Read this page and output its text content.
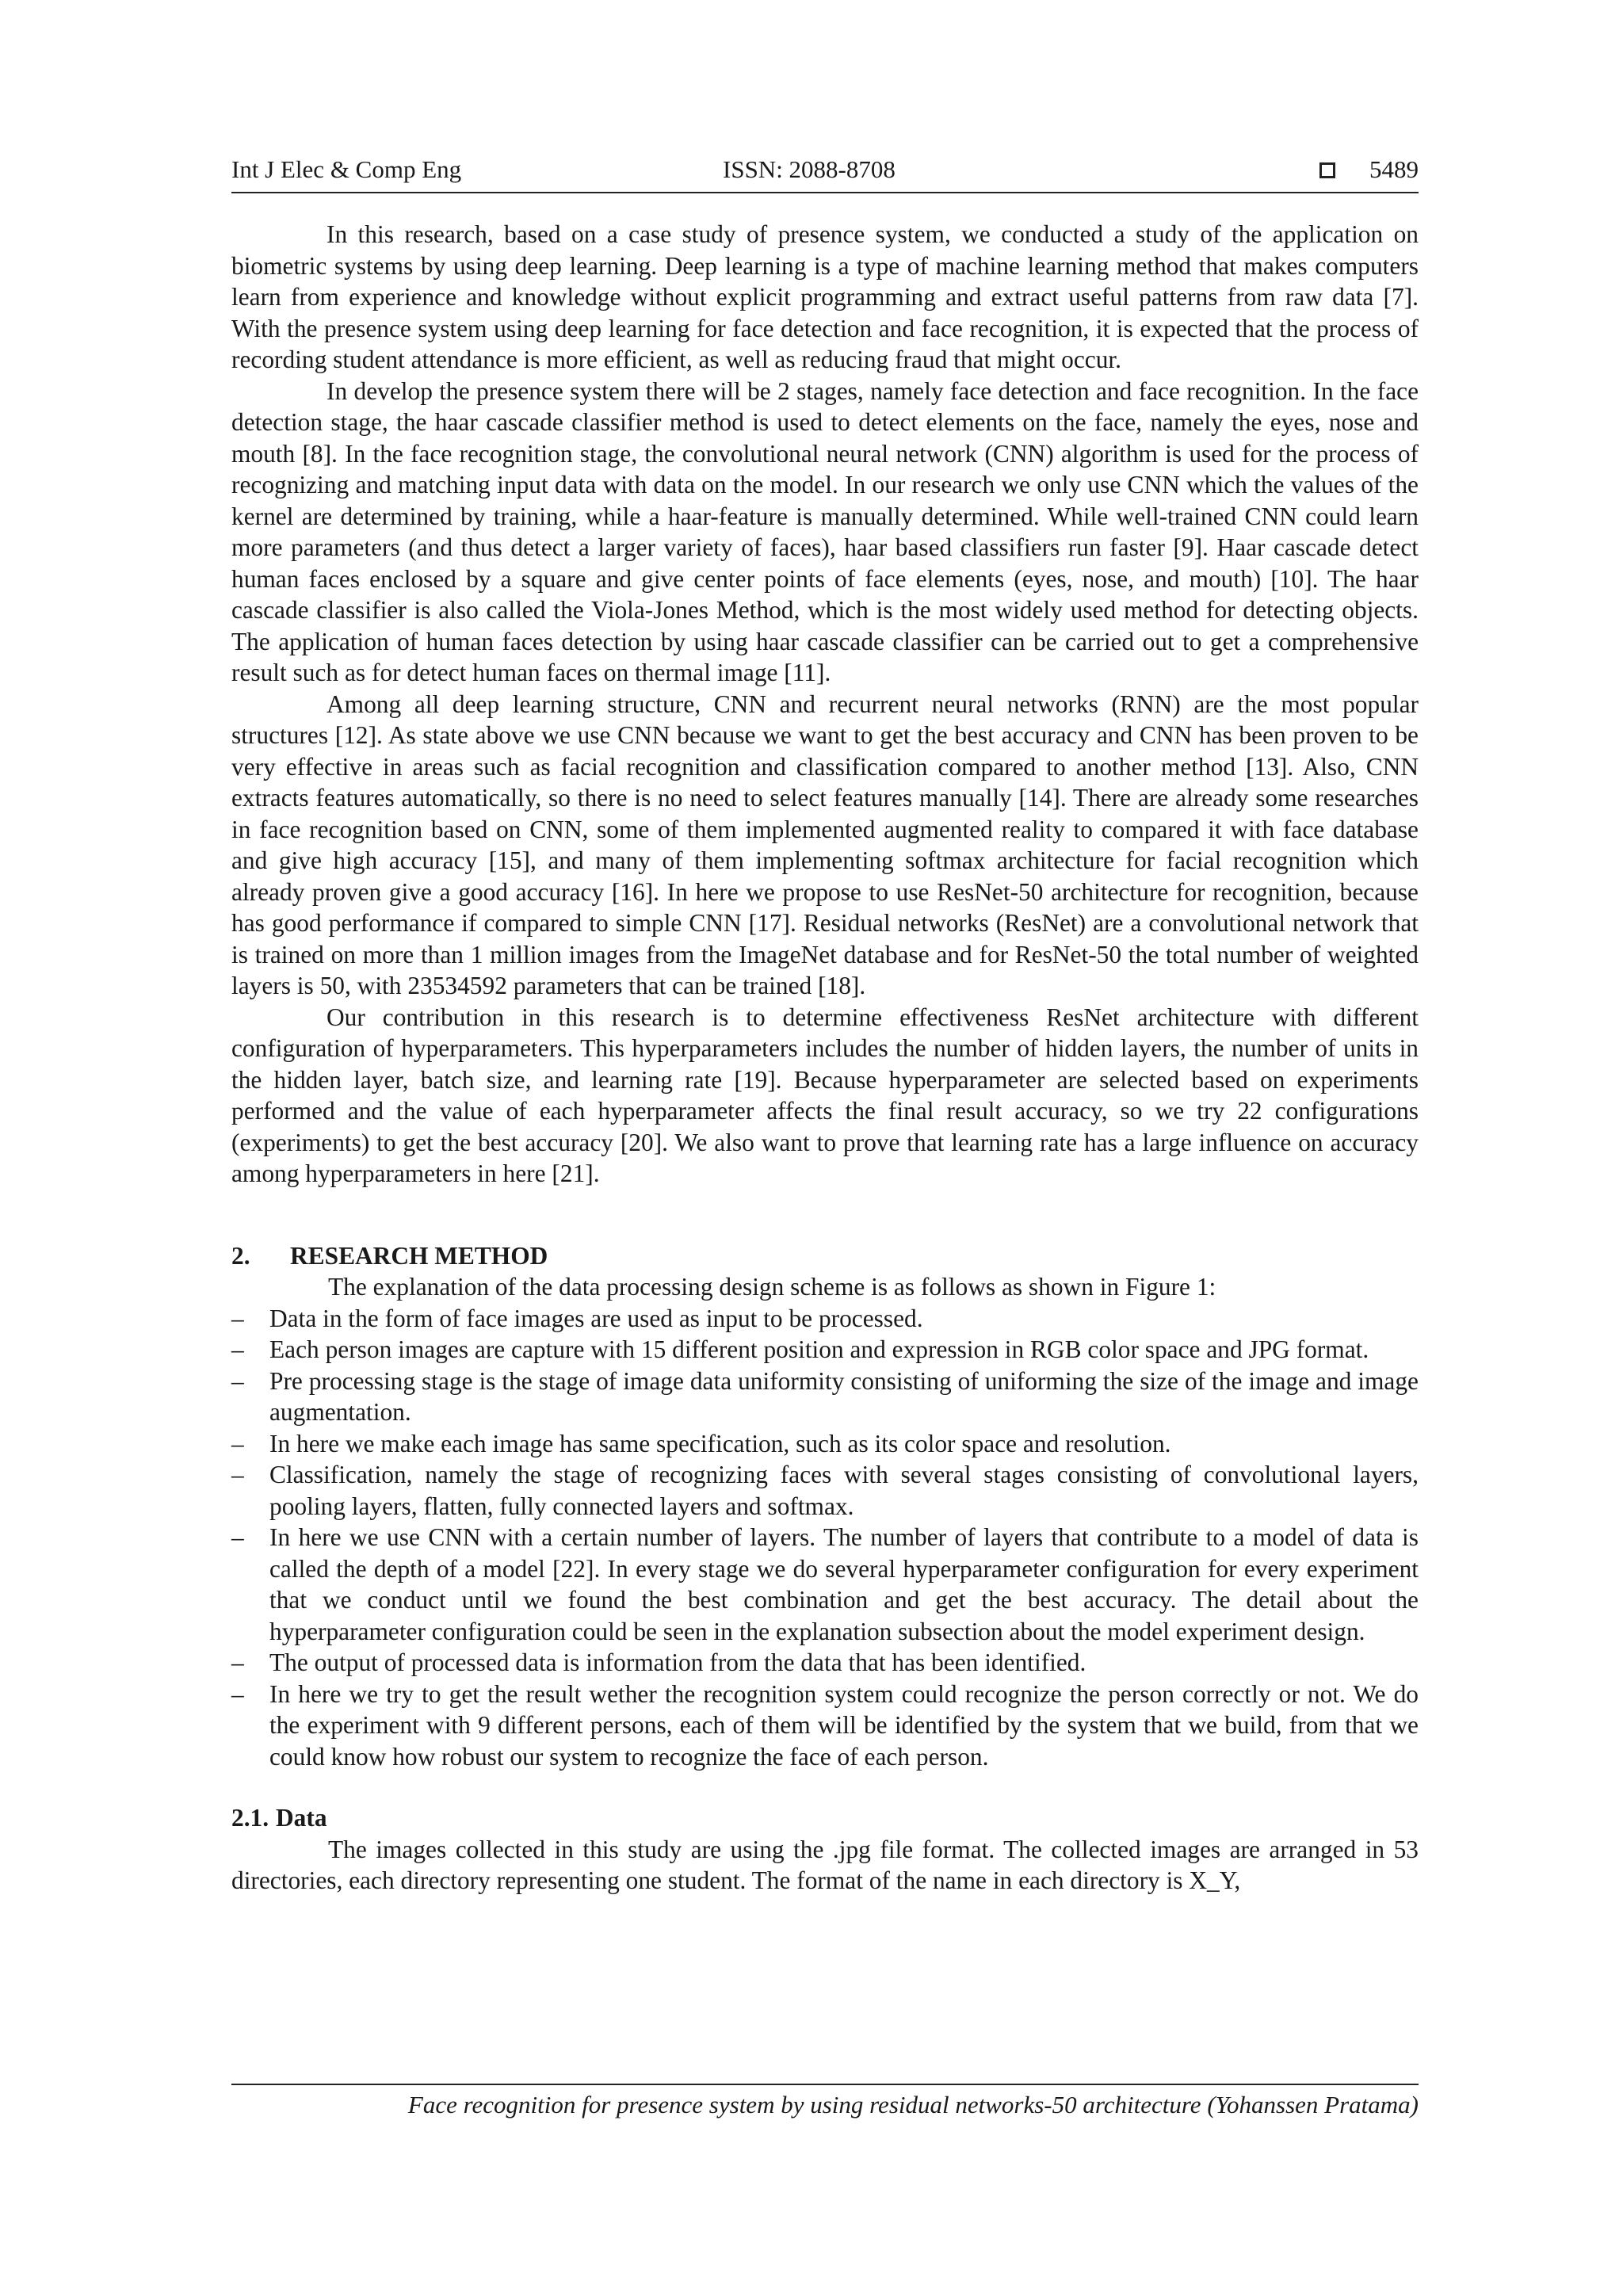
Int J Elec & Comp Eng	ISSN: 2088-8708	5489

In this research, based on a case study of presence system, we conducted a study of the application on biometric systems by using deep learning. Deep learning is a type of machine learning method that makes computers learn from experience and knowledge without explicit programming and extract useful patterns from raw data [7]. With the presence system using deep learning for face detection and face recognition, it is expected that the process of recording student attendance is more efficient, as well as reducing fraud that might occur.

In develop the presence system there will be 2 stages, namely face detection and face recognition. In the face detection stage, the haar cascade classifier method is used to detect elements on the face, namely the eyes, nose and mouth [8]. In the face recognition stage, the convolutional neural network (CNN) algorithm is used for the process of recognizing and matching input data with data on the model. In our research we only use CNN which the values of the kernel are determined by training, while a haar-feature is manually determined. While well-trained CNN could learn more parameters (and thus detect a larger variety of faces), haar based classifiers run faster [9]. Haar cascade detect human faces enclosed by a square and give center points of face elements (eyes, nose, and mouth) [10]. The haar cascade classifier is also called the Viola-Jones Method, which is the most widely used method for detecting objects. The application of human faces detection by using haar cascade classifier can be carried out to get a comprehensive result such as for detect human faces on thermal image [11].

Among all deep learning structure, CNN and recurrent neural networks (RNN) are the most popular structures [12]. As state above we use CNN because we want to get the best accuracy and CNN has been proven to be very effective in areas such as facial recognition and classification compared to another method [13]. Also, CNN extracts features automatically, so there is no need to select features manually [14]. There are already some researches in face recognition based on CNN, some of them implemented augmented reality to compared it with face database and give high accuracy [15], and many of them implementing softmax architecture for facial recognition which already proven give a good accuracy [16]. In here we propose to use ResNet-50 architecture for recognition, because has good performance if compared to simple CNN [17]. Residual networks (ResNet) are a convolutional network that is trained on more than 1 million images from the ImageNet database and for ResNet-50 the total number of weighted layers is 50, with 23534592 parameters that can be trained [18].

Our contribution in this research is to determine effectiveness ResNet architecture with different configuration of hyperparameters. This hyperparameters includes the number of hidden layers, the number of units in the hidden layer, batch size, and learning rate [19]. Because hyperparameter are selected based on experiments performed and the value of each hyperparameter affects the final result accuracy, so we try 22 configurations (experiments) to get the best accuracy [20]. We also want to prove that learning rate has a large influence on accuracy among hyperparameters in here [21].

2. RESEARCH METHOD

The explanation of the data processing design scheme is as follows as shown in Figure 1:

– Data in the form of face images are used as input to be processed.
– Each person images are capture with 15 different position and expression in RGB color space and JPG format.
– Pre processing stage is the stage of image data uniformity consisting of uniforming the size of the image and image augmentation.
– In here we make each image has same specification, such as its color space and resolution.
– Classification, namely the stage of recognizing faces with several stages consisting of convolutional layers, pooling layers, flatten, fully connected layers and softmax.
– In here we use CNN with a certain number of layers. The number of layers that contribute to a model of data is called the depth of a model [22]. In every stage we do several hyperparameter configuration for every experiment that we conduct until we found the best combination and get the best accuracy. The detail about the hyperparameter configuration could be seen in the explanation subsection about the model experiment design.
– The output of processed data is information from the data that has been identified.
– In here we try to get the result wether the recognition system could recognize the person correctly or not. We do the experiment with 9 different persons, each of them will be identified by the system that we build, from that we could know how robust our system to recognize the face of each person.
2.1. Data

The images collected in this study are using the .jpg file format. The collected images are arranged in 53 directories, each directory representing one student. The format of the name in each directory is X_Y,

Face recognition for presence system by using residual networks-50 architecture (Yohanssen Pratama)
